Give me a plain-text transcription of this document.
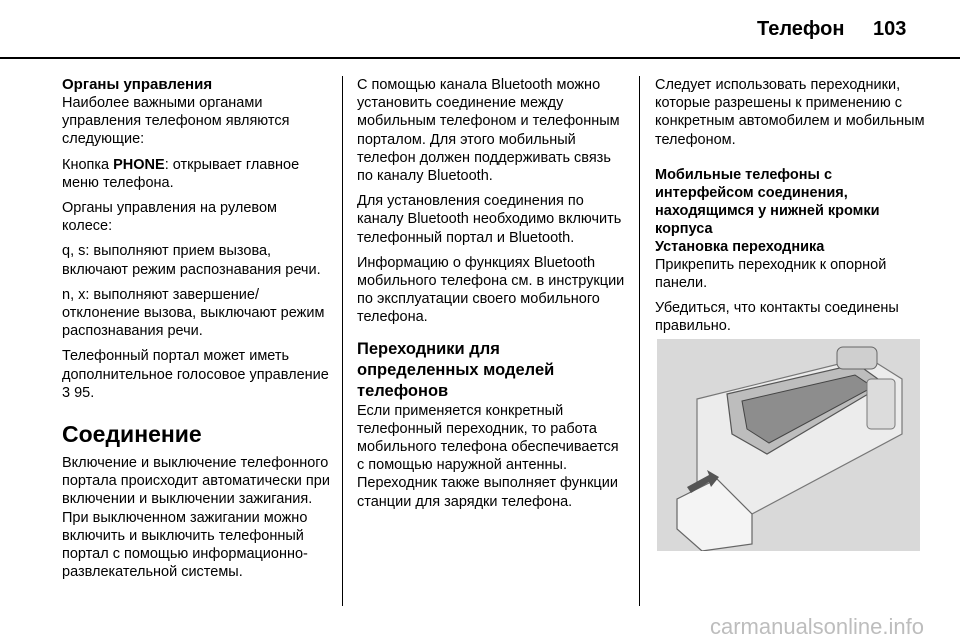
Телефон 103
Органы управления

Наиболее важными органами управления телефоном являются следующие:

Кнопка PHONE: открывает главное меню телефона.

Органы управления на рулевом колесе:

q, s: выполняют прием вызова, включают режим распознавания речи.

n, x: выполняют завершение/отклонение вызова, выключают режим распознавания речи.

Телефонный портал может иметь дополнительное голосовое управление 3 95.

Соединение

Включение и выключение телефонного портала происходит автоматически при включении и выключении зажигания. При выключенном зажигании можно включить и выключить телефонный портал с помощью информационно-развлекательной системы.

С помощью канала Bluetooth можно установить соединение между мобильным телефоном и телефонным порталом. Для этого мобильный телефон должен поддерживать связь по каналу Bluetooth.

Для установления соединения по каналу Bluetooth необходимо включить телефонный портал и Bluetooth.

Информацию о функциях Bluetooth мобильного телефона см. в инструкции по эксплуатации своего мобильного телефона.

Переходники для определенных моделей телефонов

Если применяется конкретный телефонный переходник, то работа мобильного телефона обеспечивается с помощью наружной антенны. Переходник также выполняет функции станции для зарядки телефона.

Следует использовать переходники, которые разрешены к применению с конкретным автомобилем и мобильным телефоном.

Мобильные телефоны с интерфейсом соединения, находящимся у нижней кромки корпуса
Установка переходника

Прикрепить переходник к опорной панели.

Убедиться, что контакты соединены правильно.

carmanualsonline.info
